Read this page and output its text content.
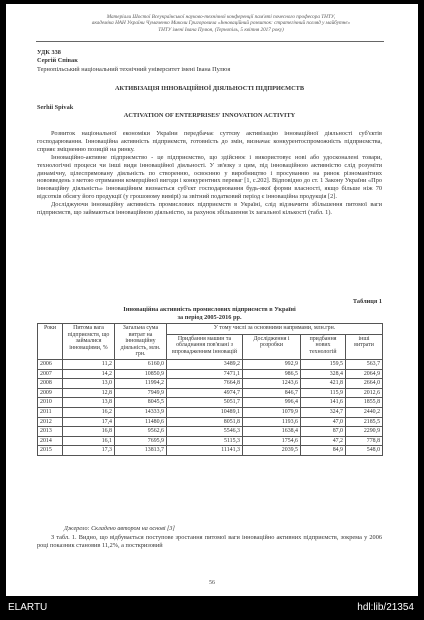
Матеріали Шостої Всеукраїнської науково-технічної конференції пам'яті почесного професора ТНТУ,
академіка НАН України Чумаченко Миколи Григоровича «Інноваційний розвиток: стратегічний погляд у майбутнє»
ТНТУ імені Івана Пулюя, (Тернопіль, 5 квітня 2017 року)
УДК 338
Сергій Співак
Тернопільський національний технічний університет імені Івана Пулюя
АКТИВІЗАЦІЯ ІННОВАЦІЙНОЇ ДІЯЛЬНОСТІ ПІДПРИЄМСТВ
Serhii Spivak
ACTIVATION OF ENTERPRISES' INNOVATION ACTIVITY

Розвиток національної економіки України передбачає суттєву активізацію інноваційної діяльності суб'єктів господарювання. Інноваційна активність підприємств, готовність до змін, визначає конкурентоспроможність підприємства, сприяє зміцненню позицій на ринку.

Інноваційно-активне підприємство - це підприємство, що здійснює і використовує нові або удосконалені товари, технологічні процеси чи інші види інноваційної діяльності. У зв'язку з цим, під інноваційною активністю слід розуміти динамічну, цілеспрямовану діяльність по створенню, освоєнню у виробництво і просуванню на ринок різноманітних нововведень з метою отримання комерційної вигоди і конкурентних переваг [1, с.202]. Відповідно до ст. 1 Закону України «Про інноваційну діяльність» інноваційним визнається суб'єкт господарювання будь-якої форми власності, якщо більше ніж 70 відсотків обсягу його продукції (у грошовому вимірі) за звітний податковий період є інноваційна продукція [2].

Досліджуючи інноваційну активність промислових підприємств в Україні, слід відзначити збільшення питомої ваги підприємств, що займаються інноваційною діяльністю, за рахунок збільшення їх загальної кількості (табл. 1).

Таблиця 1
Інноваційна активність промислових підприємств в Україні
за період 2005-2016 рр.
Роки	Питома вага підприємств, що займалися інноваціями, %	Загальна сума витрат на інноваційну діяльність, млн. грн.	У тому числі за основними напрямами, млн.грн.			
			Придбання машин та обладнання пов'язані з впровадженням інновацій	Дослідження і розробки	придбання нових технологій	інші витрати
2006	11,2	6160,0	3489,2	992,9	159,5	563,7
2007	14,2	10850,9	7471,1	986,5	328,4	2064,9
2008	13,0	11994,2	7664,8	1243,6	421,8	2664,0
2009	12,8	7949,9	4974,7	846,7	115,9	2012,6
2010	13,8	8045,5	5051,7	996,4	141,6	1855,8
2011	16,2	14333,9	10489,1	1079,9	324,7	2440,2
2012	17,4	11480,6	8051,8	1193,6	47,0	2185,5
2013	16,8	9562,6	5546,3	1638,4	87,0	2290,9
2014	16,1	7695,9	5115,3	1754,6	47,2	778,8
2015	17,3	13813,7	11141,3	2039,5	84,9	548,0
Джерело: Складено автором на основі [3]

З табл. 1. Видно, що відбувається поступове зростання питомої ваги інноваційно активних підприємств, зокрема у 2006 році показник становив 11,2%, а посткризовий

56
ELARTU	hdl:lib/21354
